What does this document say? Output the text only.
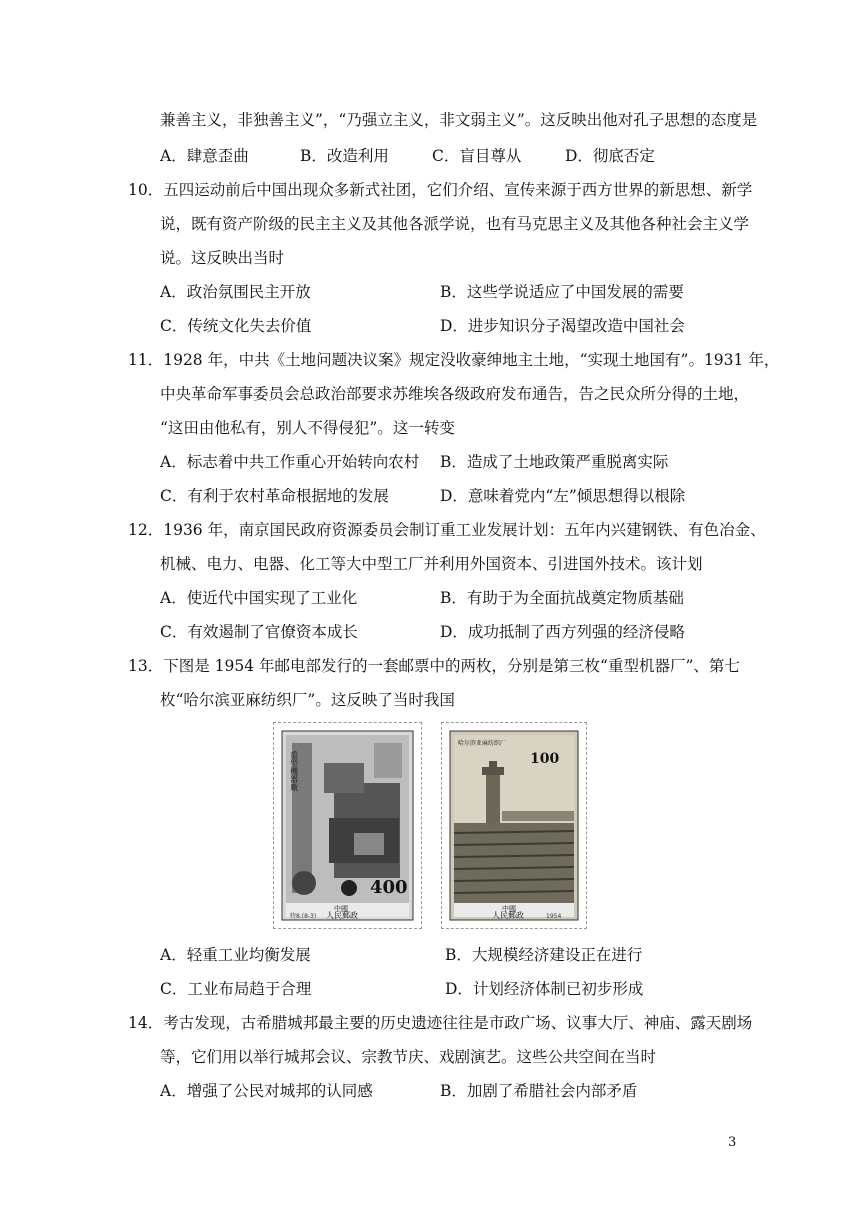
兼善主义，非独善主义”，“乃强立主义，非文弱主义”。这反映出他对孔子思想的态度是
A．肆意歪曲	B．改造利用	C．盲目尊从	D．彻底否定
10．五四运动前后中国出现众多新式社团，它们介绍、宣传来源于西方世界的新思想、新学
说，既有资产阶级的民主主义及其他各派学说，也有马克思主义及其他各种社会主义学
说。这反映出当时
A．政治氛围民主开放	B．这些学说适应了中国发展的需要
C．传统文化失去价值	D．进步知识分子渴望改造中国社会
11．1928 年，中共《土地问题决议案》规定没收豪绅地主土地，“实现土地国有”。1931 年，
中央革命军事委员会总政治部要求苏维埃各级政府发布通告，告之民众所分得的土地，
“这田由他私有，别人不得侵犯”。这一转变
A．标志着中共工作重心开始转向农村 B．造成了土地政策严重脱离实际
C．有利于农村革命根据地的发展	D．意味着党内“左”倾思想得以根除
12．1936 年，南京国民政府资源委员会制订重工业发展计划：五年内兴建钢铁、有色冶金、
机械、电力、电器、化工等大中型工厂并利用外国资本、引进国外技术。该计划
A．使近代中国实现了工业化	B．有助于为全面抗战奠定物质基础
C．有效遏制了官僚资本成长	D．成功抵制了西方列强的经济侵略
13．下图是 1954 年邮电部发行的一套邮票中的两枚，分别是第三枚“重型机器厂”、第七
枚“哈尔滨亚麻纺织厂”。这反映了当时我国
重型機器廠
400
中國
人民郵政
特8.(8-3)
100
中國
人民郵政	1954
哈尔滨亚麻纺织厂
A．轻重工业均衡发展	B．大规模经济建设正在进行
C．工业布局趋于合理	D．计划经济体制已初步形成
14．考古发现，古希腊城邦最主要的历史遗迹往往是市政广场、议事大厅、神庙、露天剧场
等，它们用以举行城邦会议、宗教节庆、戏剧演艺。这些公共空间在当时
A．增强了公民对城邦的认同感	B．加剧了希腊社会内部矛盾
3
